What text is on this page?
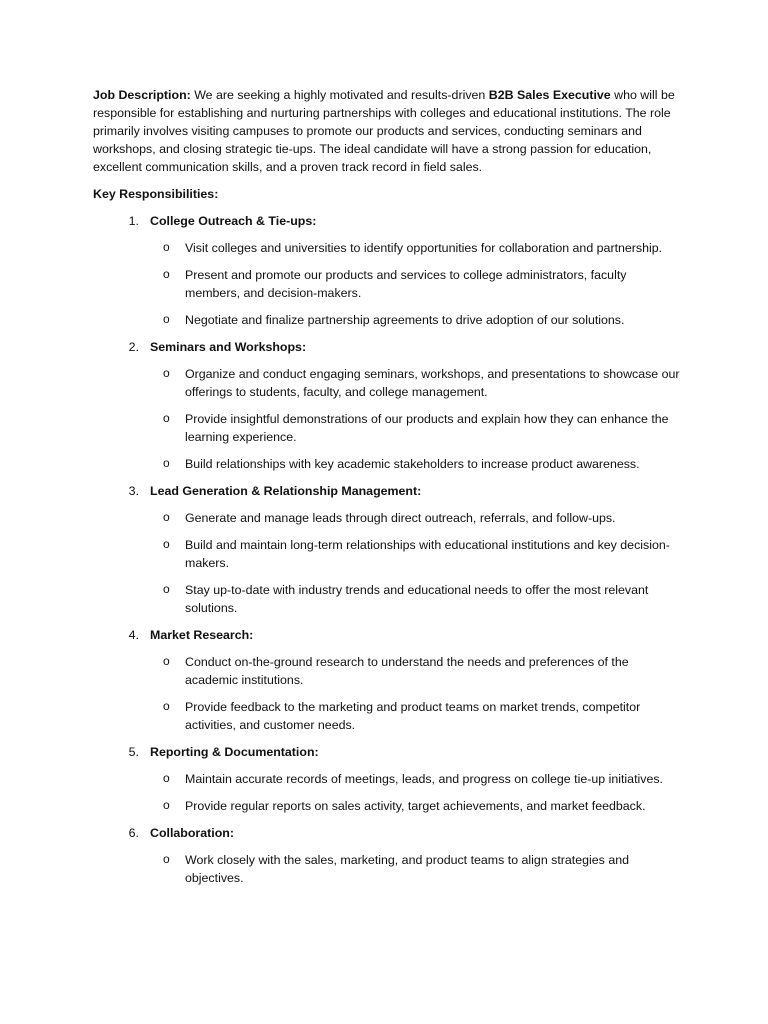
Job Description: We are seeking a highly motivated and results-driven B2B Sales Executive who will be responsible for establishing and nurturing partnerships with colleges and educational institutions. The role primarily involves visiting campuses to promote our products and services, conducting seminars and workshops, and closing strategic tie-ups. The ideal candidate will have a strong passion for education, excellent communication skills, and a proven track record in field sales.

Key Responsibilities:
1. College Outreach & Tie-ups:
o Visit colleges and universities to identify opportunities for collaboration and partnership.
o Present and promote our products and services to college administrators, faculty members, and decision-makers.
o Negotiate and finalize partnership agreements to drive adoption of our solutions.
2. Seminars and Workshops:
o Organize and conduct engaging seminars, workshops, and presentations to showcase our offerings to students, faculty, and college management.
o Provide insightful demonstrations of our products and explain how they can enhance the learning experience.
o Build relationships with key academic stakeholders to increase product awareness.
3. Lead Generation & Relationship Management:
o Generate and manage leads through direct outreach, referrals, and follow-ups.
o Build and maintain long-term relationships with educational institutions and key decision-makers.
o Stay up-to-date with industry trends and educational needs to offer the most relevant solutions.
4. Market Research:
o Conduct on-the-ground research to understand the needs and preferences of the academic institutions.
o Provide feedback to the marketing and product teams on market trends, competitor activities, and customer needs.
5. Reporting & Documentation:
o Maintain accurate records of meetings, leads, and progress on college tie-up initiatives.
o Provide regular reports on sales activity, target achievements, and market feedback.
6. Collaboration:
o Work closely with the sales, marketing, and product teams to align strategies and objectives.
